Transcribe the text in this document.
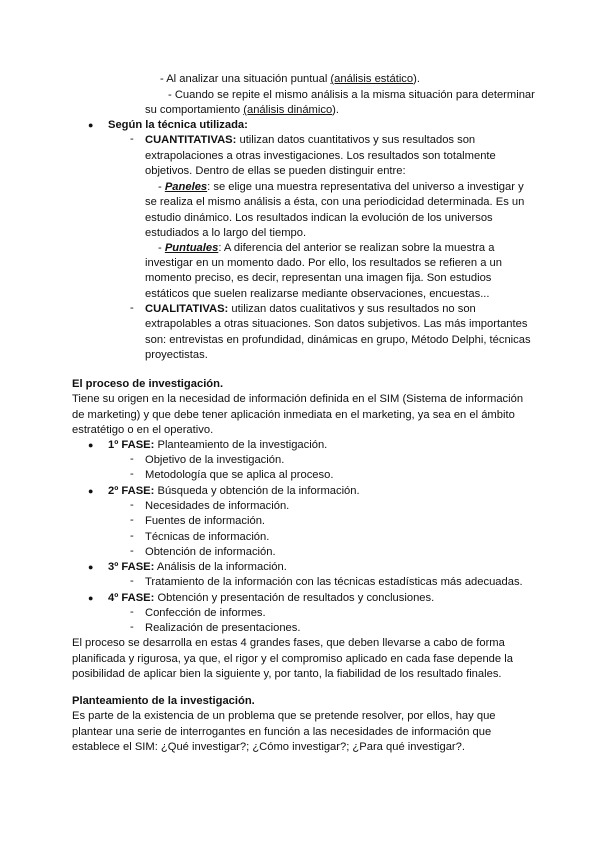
- Al analizar una situación puntual (análisis estático).
- Cuando se repite el mismo análisis a la misma situación para determinar
su comportamiento (análisis dinámico).
● Según la técnica utilizada:
- CUANTITATIVAS: utilizan datos cuantitativos y sus resultados son
extrapolaciones a otras investigaciones. Los resultados son totalmente
objetivos. Dentro de ellas se pueden distinguir entre:
- Paneles: se elige una muestra representativa del universo a investigar y
se realiza el mismo análisis a ésta, con una periodicidad determinada. Es un
estudio dinámico. Los resultados indican la evolución de los universos
estudiados a lo largo del tiempo.
- Puntuales: A diferencia del anterior se realizan sobre la muestra a
investigar en un momento dado. Por ello, los resultados se refieren a un
momento preciso, es decir, representan una imagen fija. Son estudios
estáticos que suelen realizarse mediante observaciones, encuestas...
- CUALITATIVAS: utilizan datos cualitativos y sus resultados no son
extrapolables a otras situaciones. Son datos subjetivos. Las más importantes
son: entrevistas en profundidad, dinámicas en grupo, Método Delphi, técnicas
proyectistas.
El proceso de investigación.
Tiene su origen en la necesidad de información definida en el SIM (Sistema de información
de marketing) y que debe tener aplicación inmediata en el marketing, ya sea en el ámbito
estratétigo o en el operativo.
● 1º FASE: Planteamiento de la investigación.
- Objetivo de la investigación.
- Metodología que se aplica al proceso.
● 2º FASE: Búsqueda y obtención de la información.
- Necesidades de información.
- Fuentes de información.
- Técnicas de información.
- Obtención de información.
● 3º FASE: Análisis de la información.
- Tratamiento de la información con las técnicas estadísticas más adecuadas.
● 4º FASE: Obtención y presentación de resultados y conclusiones.
- Confección de informes.
- Realización de presentaciones.
El proceso se desarrolla en estas 4 grandes fases, que deben llevarse a cabo de forma
planificada y rigurosa, ya que, el rigor y el compromiso aplicado en cada fase depende la
posibilidad de aplicar bien la siguiente y, por tanto, la fiabilidad de los resultado finales.
Planteamiento de la investigación.
Es parte de la existencia de un problema que se pretende resolver, por ellos, hay que
plantear una serie de interrogantes en función a las necesidades de información que
establece el SIM: ¿Qué investigar?; ¿Cómo investigar?; ¿Para qué investigar?.
